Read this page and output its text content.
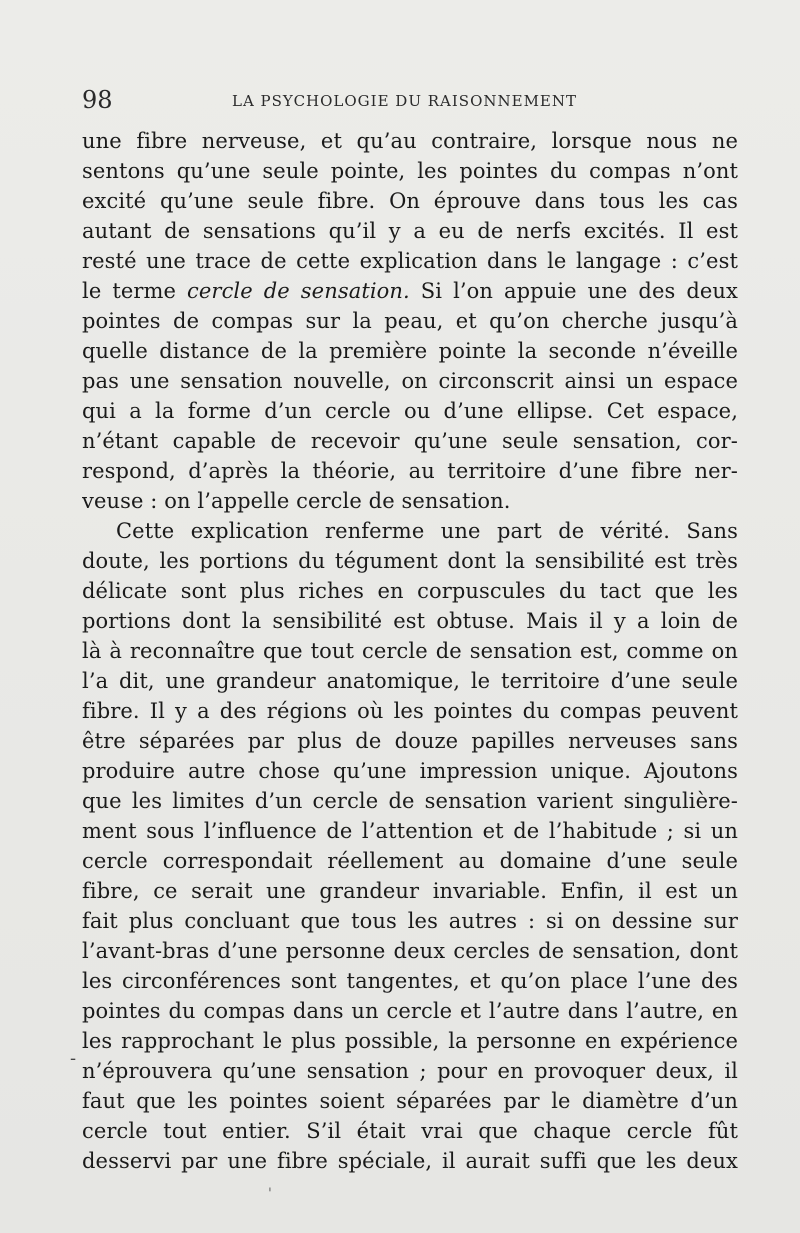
98	LA PSYCHOLOGIE DU RAISONNEMENT
une fibre nerveuse, et qu’au contraire, lorsque nous ne
sentons qu’une seule pointe, les pointes du compas n’ont
excité qu’une seule fibre. On éprouve dans tous les cas
autant de sensations qu’il y a eu de nerfs excités. Il est
resté une trace de cette explication dans le langage : c’est
le terme cercle de sensation. Si l’on appuie une des deux
pointes de compas sur la peau, et qu’on cherche jusqu’à
quelle distance de la première pointe la seconde n’éveille
pas une sensation nouvelle, on circonscrit ainsi un espace
qui a la forme d’un cercle ou d’une ellipse. Cet espace,
n’étant capable de recevoir qu’une seule sensation, cor-
respond, d’après la théorie, au territoire d’une fibre ner-
veuse : on l’appelle cercle de sensation.
Cette explication renferme une part de vérité. Sans
doute, les portions du tégument dont la sensibilité est très
délicate sont plus riches en corpuscules du tact que les
portions dont la sensibilité est obtuse. Mais il y a loin de
là à reconnaître que tout cercle de sensation est, comme on
l’a dit, une grandeur anatomique, le territoire d’une seule
fibre. Il y a des régions où les pointes du compas peuvent
être séparées par plus de douze papilles nerveuses sans
produire autre chose qu’une impression unique. Ajoutons
que les limites d’un cercle de sensation varient singulière-
ment sous l’influence de l’attention et de l’habitude ; si un
cercle correspondait réellement au domaine d’une seule
fibre, ce serait une grandeur invariable. Enfin, il est un
fait plus concluant que tous les autres : si on dessine sur
l’avant-bras d’une personne deux cercles de sensation, dont
les circonférences sont tangentes, et qu’on place l’une des
pointes du compas dans un cercle et l’autre dans l’autre, en
les rapprochant le plus possible, la personne en expérience
n’éprouvera qu’une sensation ; pour en provoquer deux, il
faut que les pointes soient séparées par le diamètre d’un
cercle tout entier. S’il était vrai que chaque cercle fût
desservi par une fibre spéciale, il aurait suffi que les deux
-
'
